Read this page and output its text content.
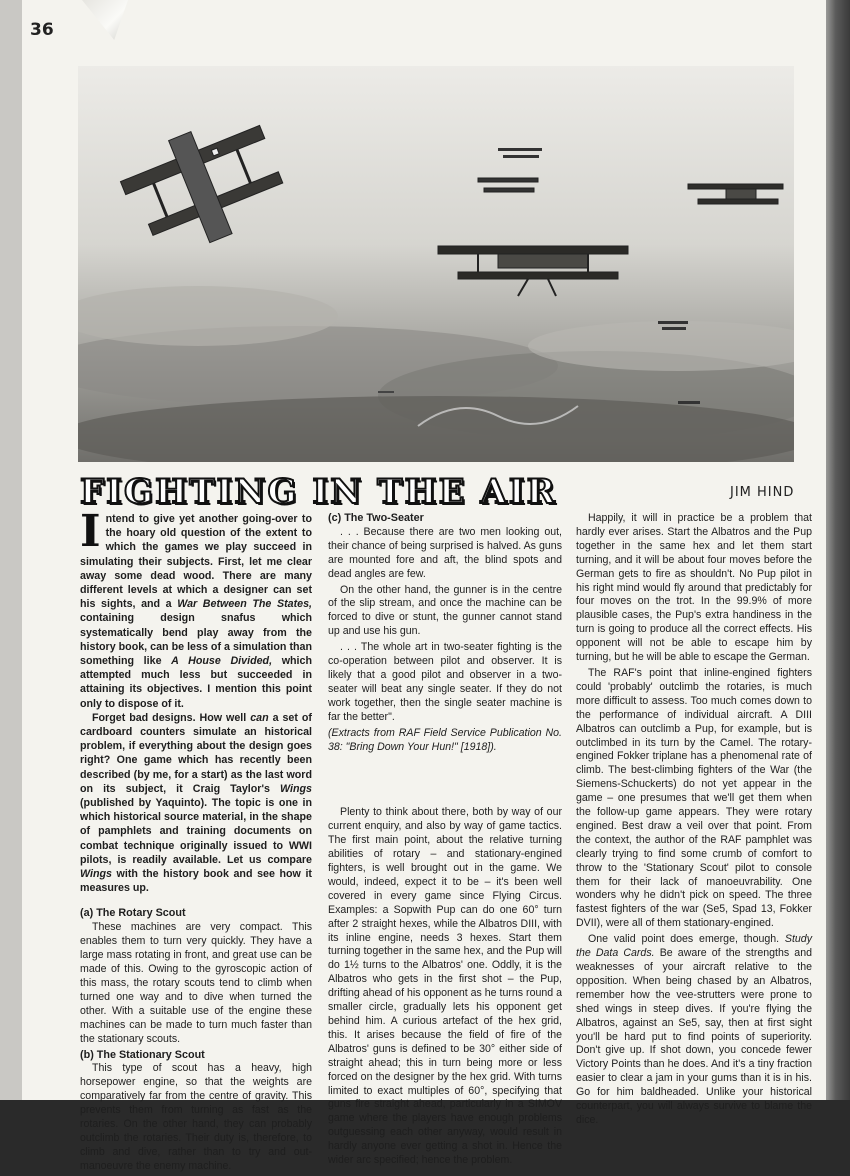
36
FIGHTING IN THE AIR	JIM HIND
Intend to give yet another going-over to the hoary old question of the extent to which the games we play succeed in simulating their subjects. First, let me clear away some dead wood. There are many different levels at which a designer can set his sights, and a War Between The States, containing design snafus which systematically bend play away from the history book, can be less of a simulation than something like A House Divided, which attempted much less but succeeded in attaining its objectives. I mention this point only to dispose of it.
Forget bad designs. How well can a set of cardboard counters simulate an historical problem, if everything about the design goes right? One game which has recently been described (by me, for a start) as the last word on its subject, it Craig Taylor's Wings (published by Yaquinto). The topic is one in which historical source material, in the shape of pamphlets and training documents on combat technique originally issued to WWI pilots, is readily available. Let us compare Wings with the history book and see how it measures up.
(a) The Rotary Scout
These machines are very compact. This enables them to turn very quickly. They have a large mass rotating in front, and great use can be made of this. Owing to the gyroscopic action of this mass, the rotary scouts tend to climb when turned one way and to dive when turned the other. With a suitable use of the engine these machines can be made to turn much faster than the stationary scouts.
(b) The Stationary Scout
This type of scout has a heavy, high horsepower engine, so that the weights are comparatively far from the centre of gravity. This prevents them from turning as fast as the rotaries. On the other hand, they can probably outclimb the rotaries. Their duty is, therefore, to climb and dive, rather than to try and out-manoeuvre the enemy machine.
(c) The Two-Seater
. . . Because there are two men looking out, their chance of being surprised is halved. As guns are mounted fore and aft, the blind spots and dead angles are few.
On the other hand, the gunner is in the centre of the slip stream, and once the machine can be forced to dive or stunt, the gunner cannot stand up and use his gun.
. . . The whole art in two-seater fighting is the co-operation between pilot and observer. It is likely that a good pilot and observer in a two-seater will beat any single seater. If they do not work together, then the single seater machine is far the better".
(Extracts from RAF Field Service Publication No. 38: "Bring Down Your Hun!" [1918]).
Plenty to think about there, both by way of our current enquiry, and also by way of game tactics. The first main point, about the relative turning abilities of rotary – and stationary-engined fighters, is well brought out in the game. We would, indeed, expect it to be – it's been well covered in every game since Flying Circus. Examples: a Sopwith Pup can do one 60° turn after 2 straight hexes, while the Albatros DIII, with its inline engine, needs 3 hexes. Start them turning together in the same hex, and the Pup will do 1½ turns to the Albatros' one. Oddly, it is the Albatros who gets in the first shot – the Pup, drifting ahead of his opponent as he turns round a smaller circle, gradually lets his opponent get behind him. A curious artefact of the hex grid, this. It arises because the field of fire of the Albatros' guns is defined to be 30° either side of straight ahead; this in turn being more or less forced on the designer by the hex grid. With turns limited to exact multiples of 60°, specifying that guns fire straight ahead, particularly in a SIMOV game where the players have enough problems outguessing each other anyway, would result in hardly anyone ever getting a shot in. Hence the wider arc specified; hence the problem.
Happily, it will in practice be a problem that hardly ever arises. Start the Albatros and the Pup together in the same hex and let them start turning, and it will be about four moves before the German gets to fire as shouldn't. No Pup pilot in his right mind would fly around that predictably for four moves on the trot. In the 99.9% of more plausible cases, the Pup's extra handiness in the turn is going to produce all the correct effects. His opponent will not be able to escape him by turning, but he will be able to escape the German.
The RAF's point that inline-engined fighters could 'probably' outclimb the rotaries, is much more difficult to assess. Too much comes down to the performance of individual aircraft. A DIII Albatros can outclimb a Pup, for example, but is outclimbed in its turn by the Camel. The rotary-engined Fokker triplane has a phenomenal rate of climb. The best-climbing fighters of the War (the Siemens-Schuckerts) do not yet appear in the game – one presumes that we'll get them when the follow-up game appears. They were rotary engined. Best draw a veil over that point. From the context, the author of the RAF pamphlet was clearly trying to find some crumb of comfort to throw to the 'Stationary Scout' pilot to console them for their lack of manoeuvrability. One wonders why he didn't pick on speed. The three fastest fighters of the war (Se5, Spad 13, Fokker DVII), were all of them stationary-engined.
One valid point does emerge, though. Study the Data Cards. Be aware of the strengths and weaknesses of your aircraft relative to the opposition. When being chased by an Albatros, remember how the vee-strutters were prone to shed wings in steep dives. If you're flying the Albatros, against an Se5, say, then at first sight you'll be hard put to find points of superiority. Don't give up. If shot down, you concede fewer Victory Points than he does. And it's a tiny fraction easier to clear a jam in your gums than it is in his. Go for him baldheaded. Unlike your historical counterpart, you will always survive to blame the dice.
